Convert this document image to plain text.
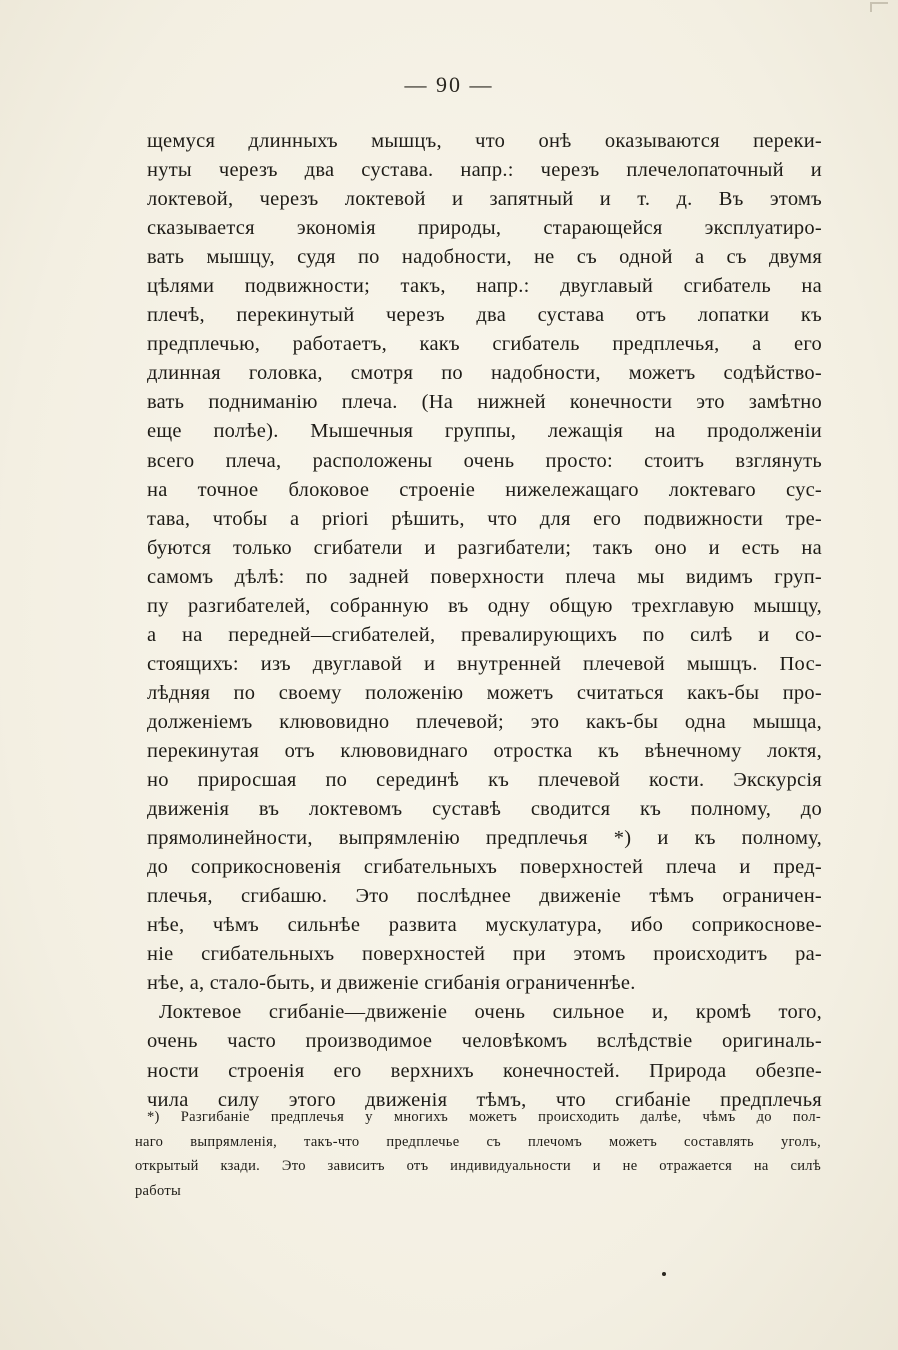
— 90 —
щемуся длинныхъ мышцъ, что онѣ оказываются переки-
нуты черезъ два сустава. напр.: черезъ плечелопаточный и
локтевой, черезъ локтевой и запятный и т. д. Въ этомъ
сказывается экономія природы, старающейся эксплуатиро-
вать мышцу, судя по надобности, не съ одной а съ двумя
цѣлями подвижности; такъ, напр.: двуглавый сгибатель на
плечѣ, перекинутый черезъ два сустава отъ лопатки къ
предплечью, работаетъ, какъ сгибатель предплечья, а его
длинная головка, смотря по надобности, можетъ содѣйство-
вать подниманію плеча. (На нижней конечности это замѣтно
еще полѣе). Мышечныя группы, лежащія на продолженіи
всего плеча, расположены очень просто: стоитъ взглянуть
на точное блоковое строеніе нижележащаго локтеваго сус-
тава, чтобы a priori рѣшить, что для его подвижности тре-
буются только сгибатели и разгибатели; такъ оно и есть на
самомъ дѣлѣ: по задней поверхности плеча мы видимъ груп-
пу разгибателей, собранную въ одну общую трехглавую мышцу,
а на передней—сгибателей, превалирующихъ по силѣ и со-
стоящихъ: изъ двуглавой и внутренней плечевой мышцъ. Пос-
лѣдняя по своему положенію можетъ считаться какъ-бы про-
долженіемъ клювовидно плечевой; это какъ-бы одна мышца,
перекинутая отъ клювовиднаго отростка къ вѣнечному локтя,
но приросшая по серединѣ къ плечевой кости. Экскурсія
движенія въ локтевомъ суставѣ сводится къ полному, до
прямолинейности, выпрямленію предплечья *) и къ полному,
до соприкосновенія сгибательныхъ поверхностей плеча и пред-
плечья, сгибашю. Это послѣднее движеніе тѣмъ ограничен-
нѣе, чѣмъ сильнѣе развита мускулатура, ибо соприкоснове-
ніе сгибательныхъ поверхностей при этомъ происходитъ ра-
нѣе, а, стало-быть, и движеніе сгибанія ограниченнѣе.
Локтевое сгибаніе—движеніе очень сильное и, кромѣ того,
очень часто производимое человѣкомъ вслѣдствіе оригиналь-
ности строенія его верхнихъ конечностей. Природа обезпе-
чила силу этого движенія тѣмъ, что сгибаніе предплечья
*) Разгибаніе предплечья у многихъ можетъ происходить далѣе, чѣмъ до пол-
наго выпрямленія, такъ-что предплечье съ плечомъ можетъ составлять уголъ,
открытый кзади. Это зависитъ отъ индивидуальности и не отражается на силѣ
работы
